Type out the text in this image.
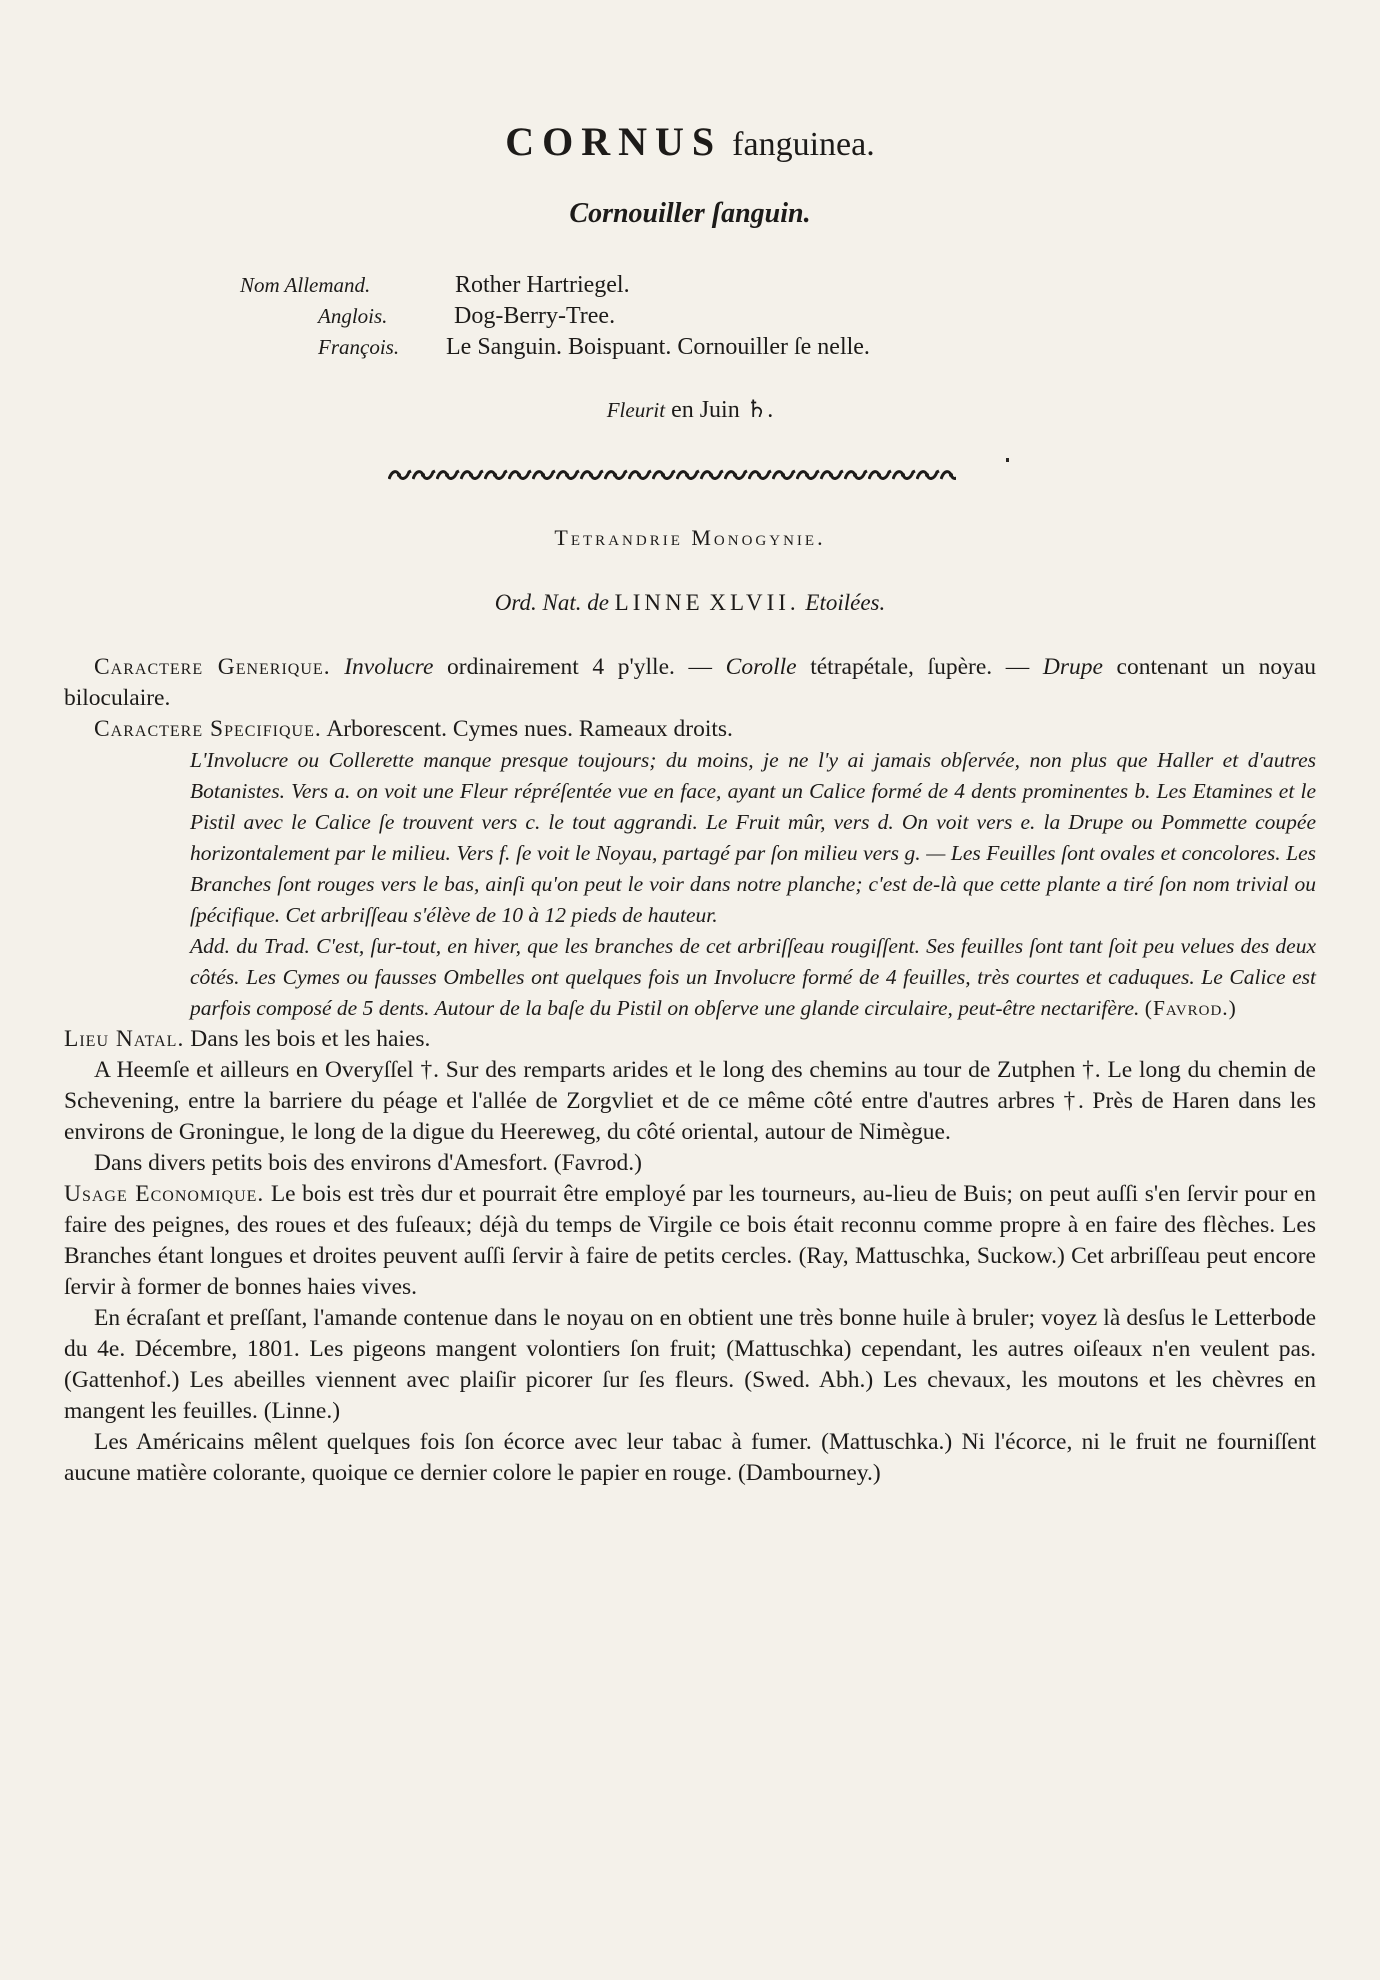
CORNUS fanguinea.
Cornouiller ſanguin.
Nom Allemand.	Rother Hartriegel.
Anglois.	Dog-Berry-Tree.
François. Le Sanguin. Boispuant. Cornouiller ſe nelle.
Fleurit en Juin ♄.
Tetrandrie Monogynie.
Ord. Nat. de LINNE XLVII. Etoilées.

Caractere Generique. Involucre ordinairement 4 p'ylle. — Corolle tétrapétale, ſupère. — Drupe contenant un noyau biloculaire.

Caractere Specifique. Arborescent. Cymes nues. Rameaux droits.

L'Involucre ou Collerette manque presque toujours; du moins, je ne l'y ai jamais obſervée, non plus que Haller et d'autres Botanistes. Vers a. on voit une Fleur répréſentée vue en face, ayant un Calice formé de 4 dents prominentes b. Les Etamines et le Pistil avec le Calice ſe trouvent vers c. le tout aggrandi. Le Fruit mûr, vers d. On voit vers e. la Drupe ou Pommette coupée horizontalement par le milieu. Vers f. ſe voit le Noyau, partagé par ſon milieu vers g. — Les Feuilles ſont ovales et concolores. Les Branches ſont rouges vers le bas, ainſi qu'on peut le voir dans notre planche; c'est de-là que cette plante a tiré ſon nom trivial ou ſpécifique. Cet arbriſſeau s'élève de 10 à 12 pieds de hauteur.

Add. du Trad. C'est, ſur-tout, en hiver, que les branches de cet arbriſſeau rougiſſent. Ses feuilles ſont tant ſoit peu velues des deux côtés. Les Cymes ou fausses Ombelles ont quelques fois un Involucre formé de 4 feuilles, très courtes et caduques. Le Calice est parfois composé de 5 dents. Autour de la baſe du Pistil on obſerve une glande circulaire, peut-être nectarifère. (Favrod.)

Lieu Natal. Dans les bois et les haies.

A Heemſe et ailleurs en Overyſſel †. Sur des remparts arides et le long des chemins au tour de Zutphen †. Le long du chemin de Schevening, entre la barriere du péage et l'allée de Zorgvliet et de ce même côté entre d'autres arbres †. Près de Haren dans les environs de Groningue, le long de la digue du Heereweg, du côté oriental, autour de Nimègue.

Dans divers petits bois des environs d'Amesfort. (Favrod.)

Usage Economique. Le bois est très dur et pourrait être employé par les tourneurs, au-lieu de Buis; on peut auſſi s'en ſervir pour en faire des peignes, des roues et des fuſeaux; déjà du temps de Virgile ce bois était reconnu comme propre à en faire des flèches. Les Branches étant longues et droites peuvent auſſi ſervir à faire de petits cercles. (Ray, Mattuschka, Suckow.) Cet arbriſſeau peut encore ſervir à former de bonnes haies vives.

En écraſant et preſſant, l'amande contenue dans le noyau on en obtient une très bonne huile à bruler; voyez là desſus le Letterbode du 4e. Décembre, 1801. Les pigeons mangent volontiers ſon fruit; (Mattuschka) cependant, les autres oiſeaux n'en veulent pas. (Gattenhof.) Les abeilles viennent avec plaiſir picorer ſur ſes fleurs. (Swed. Abh.) Les chevaux, les moutons et les chèvres en mangent les feuilles. (Linne.)

Les Américains mêlent quelques fois ſon écorce avec leur tabac à fumer. (Mattuschka.) Ni l'écorce, ni le fruit ne fourniſſent aucune matière colorante, quoique ce dernier colore le papier en rouge. (Dambourney.)
